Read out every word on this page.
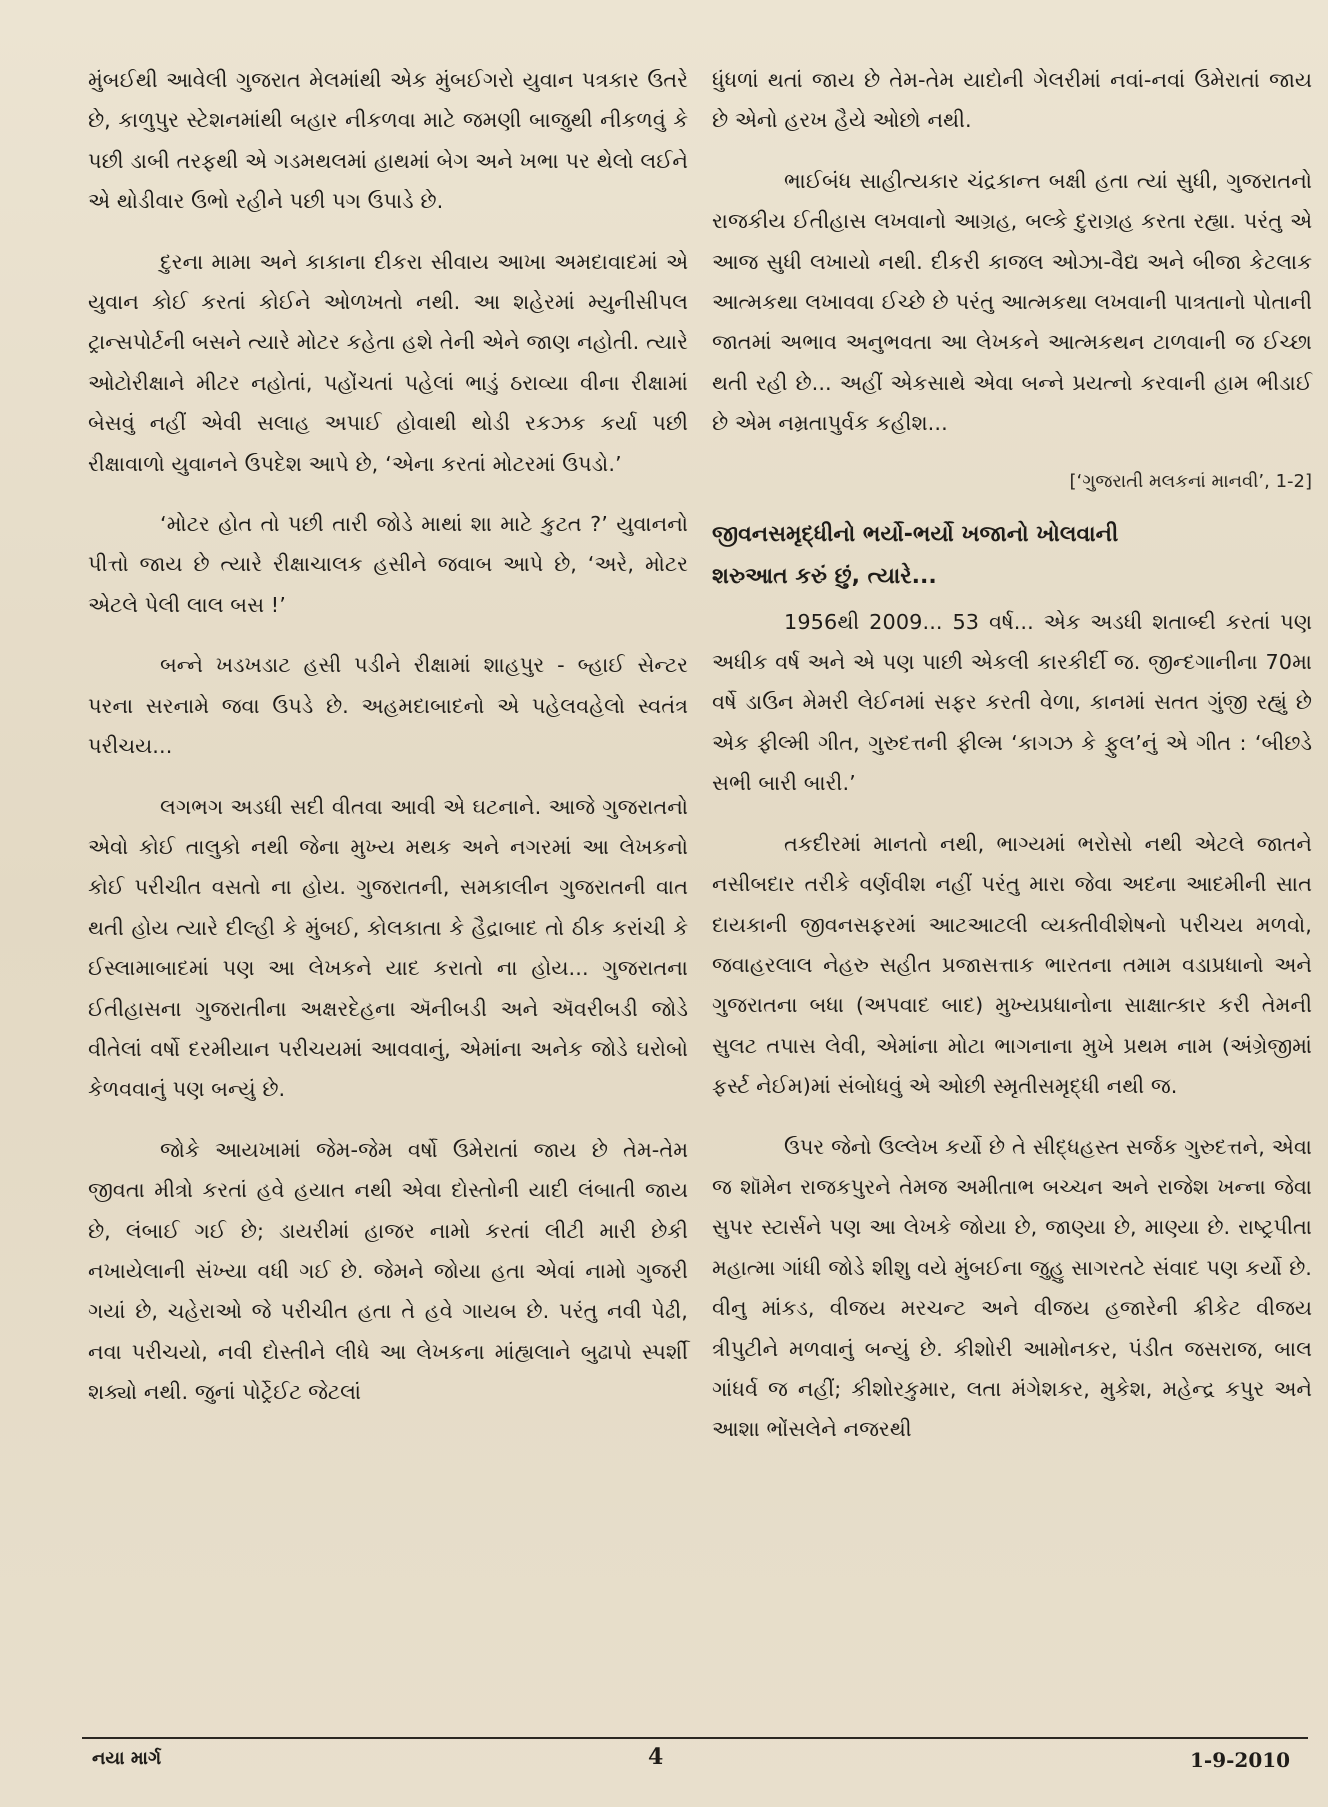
મુંબઈથી આવેલી ગુજરાત મેલમાંથી એક મુંબઈગરો યુવાન પત્રકાર ઉતરે છે, કાળુપુર સ્ટેશનમાંથી બહાર નીકળવા માટે જમણી બાજુથી નીકળવું કે પછી ડાબી તરફથી એ ગડમથલમાં હાથમાં બેગ અને ખભા પર થેલો લઈને એ થોડીવાર ઉભો રહીને પછી પગ ઉપાડે છે.

દુરના મામા અને કાકાના દીકરા સીવાય આખા અમદાવાદમાં એ યુવાન કોઈ કરતાં કોઈને ઓળખતો નથી. આ શહેરમાં મ્યુનીસીપલ ટ્રાન્સપોર્ટની બસને ત્યારે મોટર કહેતા હશે તેની એને જાણ નહોતી. ત્યારે ઓટોરીક્ષાને મીટર નહોતાં, પહોંચતાં પહેલાં ભાડું ઠરાવ્યા વીના રીક્ષામાં બેસવું નહીં એવી સલાહ અપાઈ હોવાથી થોડી રકઝક કર્યા પછી રીક્ષાવાળો યુવાનને ઉપદેશ આપે છે, ‘એના કરતાં મોટરમાં ઉપડો.’

‘મોટર હોત તો પછી તારી જોડે માથાં શા માટે કુટત ?’ યુવાનનો પીત્તો જાય છે ત્યારે રીક્ષાચાલક હસીને જવાબ આપે છે, ‘અરે, મોટર એટલે પેલી લાલ બસ !’

બન્ને ખડખડાટ હસી પડીને રીક્ષામાં શાહપુર - બ્હાઈ સેન્ટર પરના સરનામે જવા ઉપડે છે. અહમદાબાદનો એ પહેલવહેલો સ્વતંત્ર પરીચય...

લગભગ અડધી સદી વીતવા આવી એ ઘટનાને. આજે ગુજરાતનો એવો કોઈ તાલુકો નથી જેના મુખ્ય મથક અને નગરમાં આ લેખકનો કોઈ પરીચીત વસતો ના હોય. ગુજરાતની, સમકાલીન ગુજરાતની વાત થતી હોય ત્યારે દીલ્હી કે મુંબઈ, કોલકાતા કે હૈદ્રાબાદ તો ઠીક કરાંચી કે ઈસ્લામાબાદમાં પણ આ લેખકને યાદ કરાતો ના હોય... ગુજરાતના ઈતીહાસના ગુજરાતીના અક્ષરદેહના ઍનીબડી અને ઍવરીબડી જોડે વીતેલાં વર્ષો દરમીયાન પરીચયમાં આવવાનું, એમાંના અનેક જોડે ઘરોબો કેળવવાનું પણ બન્યું છે.

જોકે આયખામાં જેમ-જેમ વર્ષો ઉમેરાતાં જાય છે તેમ-તેમ જીવતા મીત્રો કરતાં હવે હયાત નથી એવા દોસ્તોની યાદી લંબાતી જાય છે, લંબાઈ ગઈ છે; ડાયરીમાં હાજર નામો કરતાં લીટી મારી છેકી નખાયેલાની સંખ્યા વધી ગઈ છે. જેમને જોયા હતા એવાં નામો ગુજરી ગયાં છે, ચહેરાઓ જે પરીચીત હતા તે હવે ગાયબ છે. પરંતુ નવી પેઢી, નવા પરીચયો, નવી દોસ્તીને લીધે આ લેખકના માંહ્યલાને બુઢાપો સ્પર્શી શક્યો નથી. જુનાં પોર્ટ્રેઈટ જેટલાં

ધુંધળાં થતાં જાય છે તેમ-તેમ યાદોની ગેલરીમાં નવાં-નવાં ઉમેરાતાં જાય છે એનો હરખ હૈયે ઓછો નથી.

ભાઈબંધ સાહીત્યકાર ચંદ્રકાન્ત બક્ષી હતા ત્યાં સુધી, ગુજરાતનો રાજકીય ઈતીહાસ લખવાનો આગ્રહ, બલ્કે દુરાગ્રહ કરતા રહ્યા. પરંતુ એ આજ સુધી લખાયો નથી. દીકરી કાજલ ઓઝા-વૈદ્ય અને બીજા કેટલાક આત્મકથા લખાવવા ઈચ્છે છે પરંતુ આત્મકથા લખવાની પાત્રતાનો પોતાની જાતમાં અભાવ અનુભવતા આ લેખકને આત્મકથન ટાળવાની જ ઈચ્છા થતી રહી છે... અહીં એકસાથે એવા બન્ને પ્રયત્નો કરવાની હામ ભીડાઈ છે એમ નમ્રતાપુર્વક કહીશ...

[‘ગુજરાતી મલકનાં માનવી’, 1-2]
જીવનસમૃદ્ધીનો ભર્યો-ભર્યો ખજાનો ખોલવાની
શરુઆત કરું છું, ત્યારે...

1956થી 2009... 53 વર્ષ... એક અડધી શતાબ્દી કરતાં પણ અધીક વર્ષ અને એ પણ પાછી એકલી કારકીર્દી જ. જીન્દગાનીના 70મા વર્ષે ડાઉન મેમરી લેઈનમાં સફર કરતી વેળા, કાનમાં સતત ગુંજી રહ્યું છે એક ફીલ્મી ગીત, ગુરુદત્તની ફીલ્મ ‘કાગઝ કે ફુલ’નું એ ગીત : ‘બીછડે સભી બારી બારી.’

તકદીરમાં માનતો નથી, ભાગ્યમાં ભરોસો નથી એટલે જાતને નસીબદાર તરીકે વર્ણવીશ નહીં પરંતુ મારા જેવા અદના આદમીની સાત દાયકાની જીવનસફરમાં આટઆટલી વ્યક્તીવીશેષનો પરીચય મળવો, જવાહરલાલ નેહરુ સહીત પ્રજાસત્તાક ભારતના તમામ વડાપ્રધાનો અને ગુજરાતના બધા (અપવાદ બાદ) મુખ્યપ્રધાનોના સાક્ષાત્કાર કરી તેમની સુલટ તપાસ લેવી, એમાંના મોટા ભાગનાના મુખે પ્રથમ નામ (અંગ્રેજીમાં ફર્સ્ટ નેઈમ)માં સંબોધવું એ ઓછી સ્મૃતીસમૃદ્ધી નથી જ.

ઉપર જેનો ઉલ્લેખ કર્યો છે તે સીદ્ધહસ્ત સર્જક ગુરુદત્તને, એવા જ શૉમેન રાજકપુરને તેમજ અમીતાભ બચ્ચન અને રાજેશ ખન્ના જેવા સુપર સ્ટાર્સને પણ આ લેખકે જોયા છે, જાણ્યા છે, માણ્યા છે. રાષ્ટ્રપીતા મહાત્મા ગાંધી જોડે શીશુ વયે મુંબઈના જુહુ સાગરતટે સંવાદ પણ કર્યો છે. વીનુ માંકડ, વીજય મરચન્ટ અને વીજય હજારેની ક્રીકેટ વીજય ત્રીપુટીને મળવાનું બન્યું છે. કીશોરી આમોનકર, પંડીત જસરાજ, બાલ ગાંધર્વ જ નહીં; કીશોરકુમાર, લતા મંગેશકર, મુકેશ, મહેન્દ્ર કપુર અને આશા ભોંસલેને નજરથી

નયા માર્ગ	4	1-9-2010
